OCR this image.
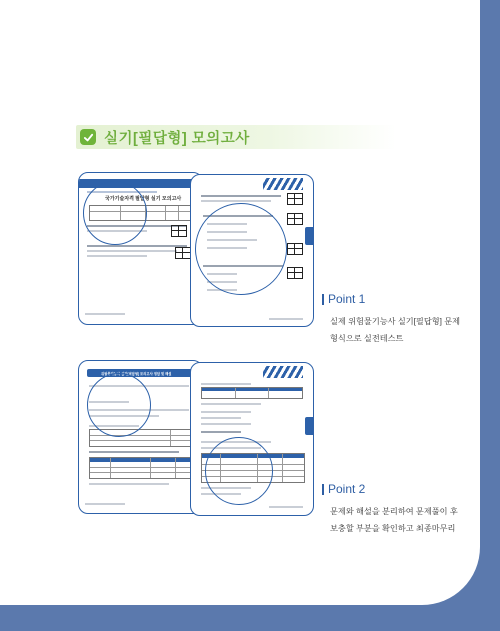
실기[필답형] 모의고사
국가기술자격 필답형 실기 모의고사
Point 1
실제 위험물기능사 실기[필답형] 문제
형식으로 실전테스트
위험물기능사 실기[필답형] 모의고사 정답 및 해설
Point 2
문제와 해설을 분리하여 문제풀이 후
보충할 부분을 확인하고 최종마무리
